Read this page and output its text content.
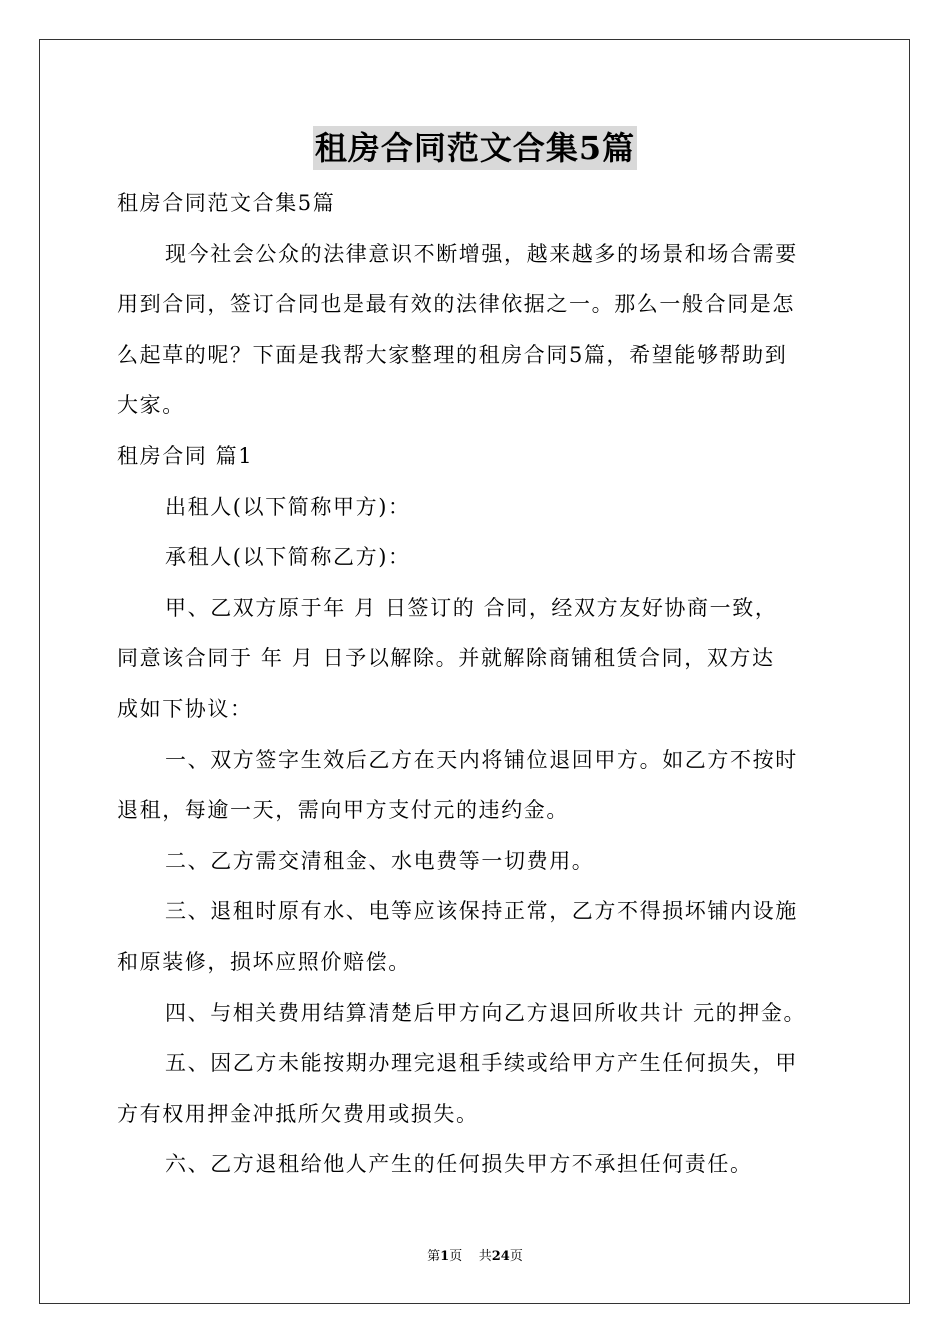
租房合同范文合集5篇

租房合同范文合集5篇

现今社会公众的法律意识不断增强，越来越多的场景和场合需要

用到合同，签订合同也是最有效的法律依据之一。那么一般合同是怎

么起草的呢？下面是我帮大家整理的租房合同5篇，希望能够帮助到

大家。

租房合同 篇1

出租人(以下简称甲方)：

承租人(以下简称乙方)：

甲、乙双方原于年 月 日签订的 合同，经双方友好协商一致，

同意该合同于 年 月 日予以解除。并就解除商铺租赁合同，双方达

成如下协议：

一、双方签字生效后乙方在天内将铺位退回甲方。如乙方不按时

退租，每逾一天，需向甲方支付元的违约金。

二、乙方需交清租金、水电费等一切费用。

三、退租时原有水、电等应该保持正常，乙方不得损坏铺内设施

和原装修，损坏应照价赔偿。

四、与相关费用结算清楚后甲方向乙方退回所收共计 元的押金。

五、因乙方未能按期办理完退租手续或给甲方产生任何损失，甲

方有权用押金冲抵所欠费用或损失。

六、乙方退租给他人产生的任何损失甲方不承担任何责任。

第1页    共24页
